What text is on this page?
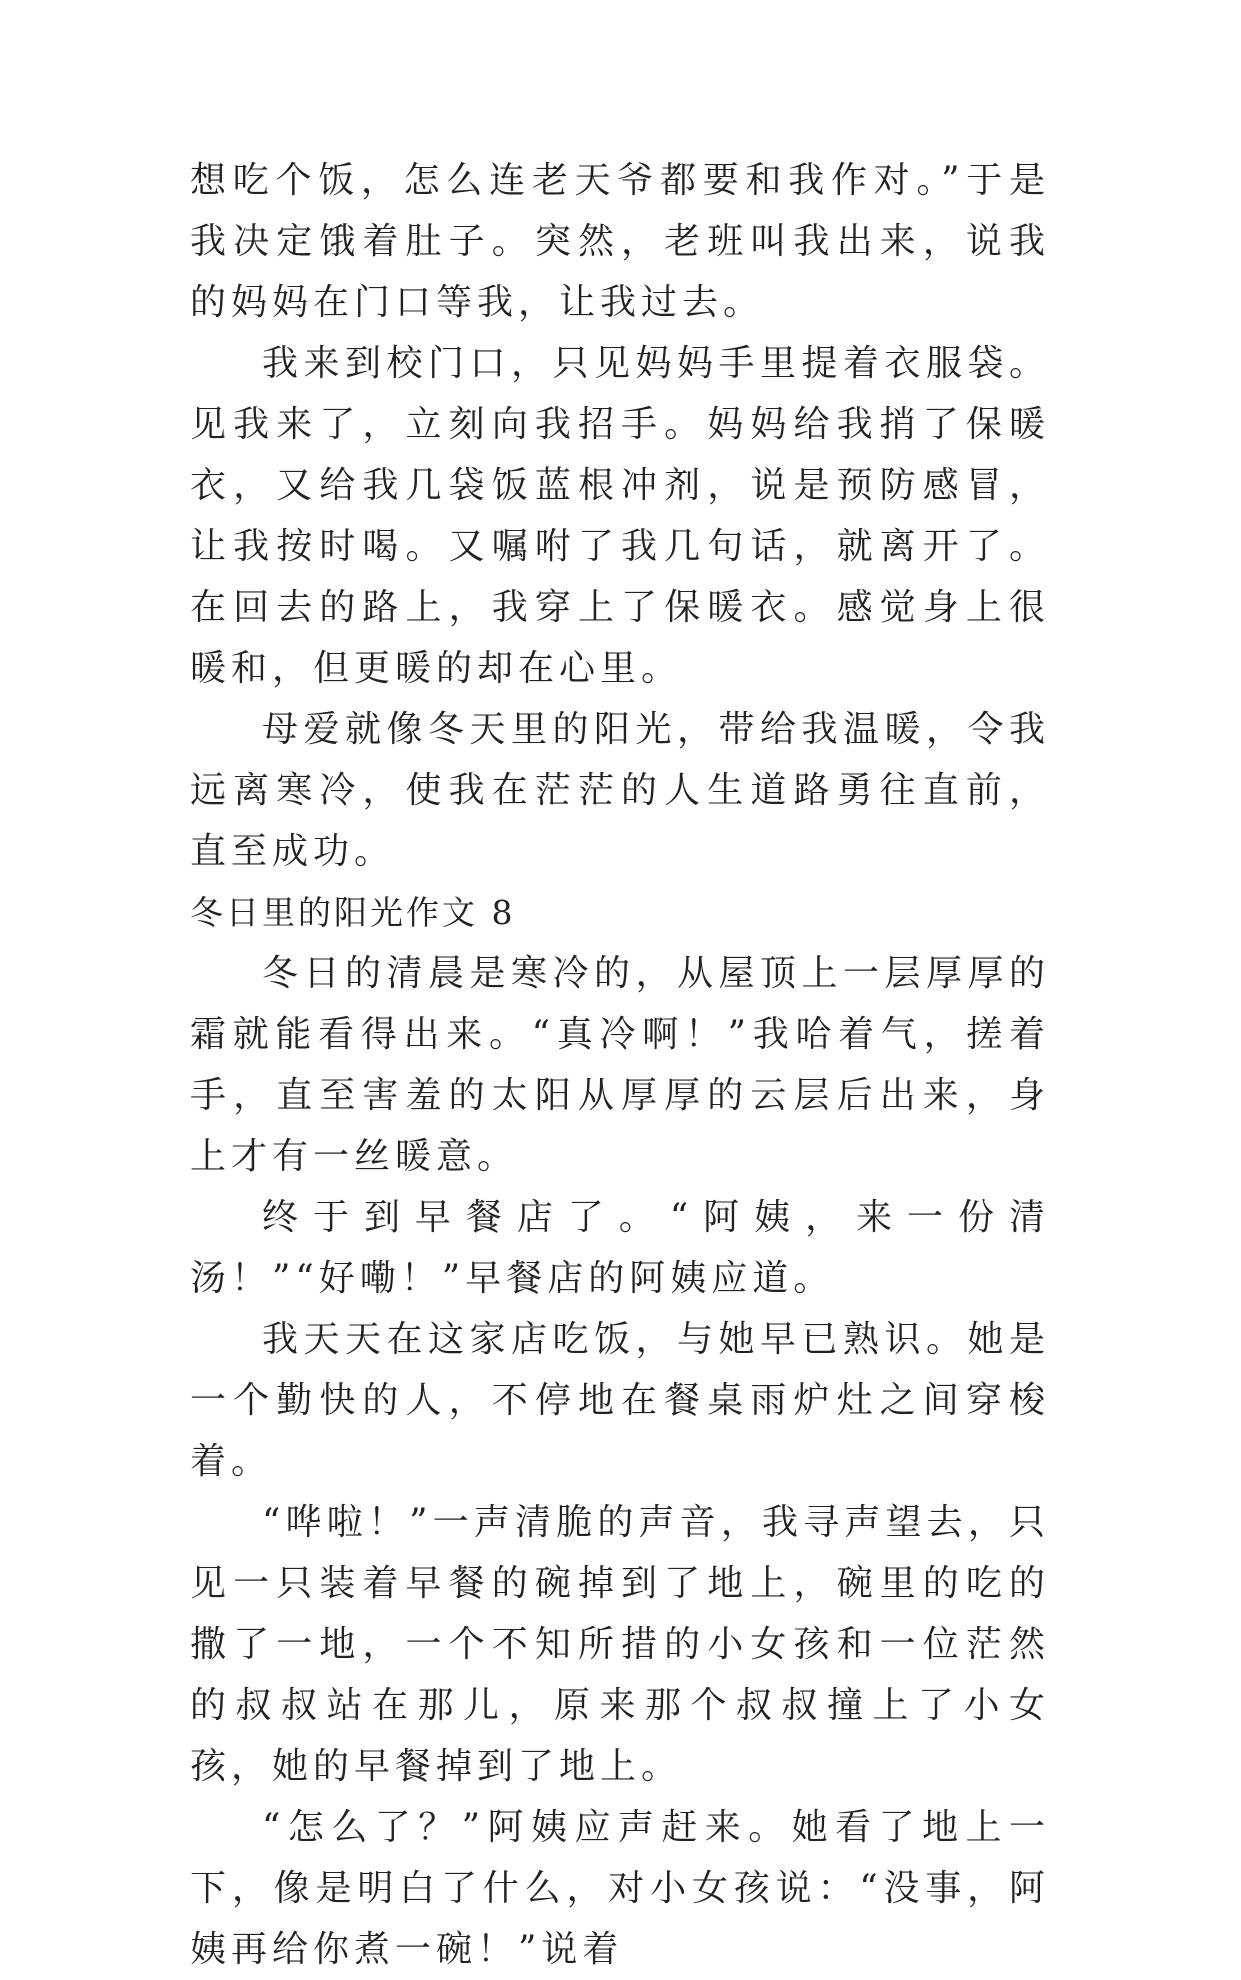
想吃个饭，怎么连老天爷都要和我作对。”于是我决定饿着肚子。突然，老班叫我出来，说我的妈妈在门口等我，让我过去。

我来到校门口，只见妈妈手里提着衣服袋。见我来了，立刻向我招手。妈妈给我捎了保暖衣，又给我几袋饭蓝根冲剂，说是预防感冒，让我按时喝。又嘱咐了我几句话，就离开了。在回去的路上，我穿上了保暖衣。感觉身上很暖和，但更暖的却在心里。

母爱就像冬天里的阳光，带给我温暖，令我远离寒冷，使我在茫茫的人生道路勇往直前，直至成功。

冬日里的阳光作文 8

冬日的清晨是寒冷的，从屋顶上一层厚厚的霜就能看得出来。“真冷啊！”我哈着气，搓着手，直至害羞的太阳从厚厚的云层后出来，身上才有一丝暖意。

终于到早餐店了。“阿姨，来一份清汤！”“好嘞！”早餐店的阿姨应道。

我天天在这家店吃饭，与她早已熟识。她是一个勤快的人，不停地在餐桌雨炉灶之间穿梭着。

“哗啦！”一声清脆的声音，我寻声望去，只见一只装着早餐的碗掉到了地上，碗里的吃的撒了一地，一个不知所措的小女孩和一位茫然的叔叔站在那儿，原来那个叔叔撞上了小女孩，她的早餐掉到了地上。

“怎么了？”阿姨应声赶来。她看了地上一下，像是明白了什么，对小女孩说：“没事，阿姨再给你煮一碗！”说着
